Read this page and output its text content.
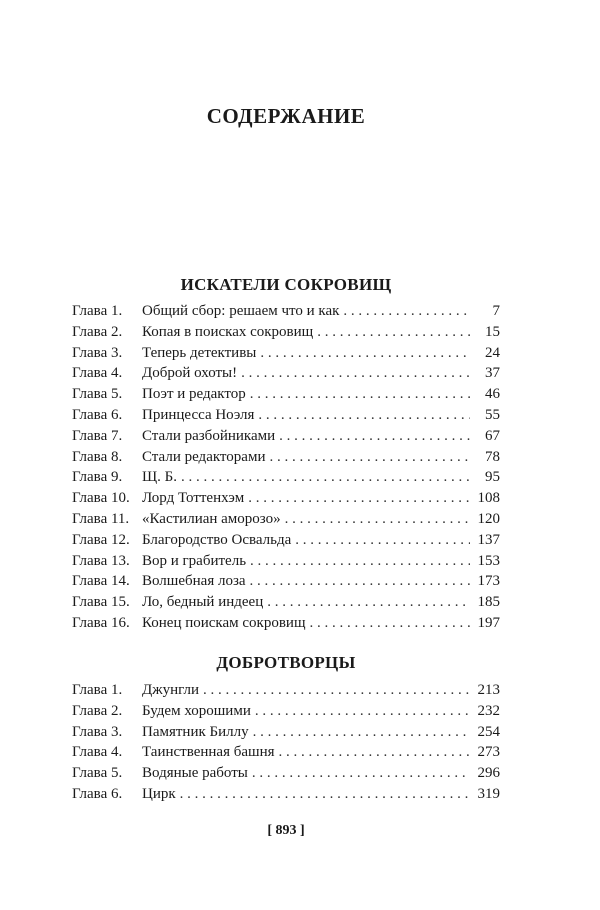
СОДЕРЖАНИЕ
ИСКАТЕЛИ СОКРОВИЩ
Глава 1.	Общий сбор: решаем что и как . . .	7
Глава 2.	Копая в поисках сокровищ . . .	15
Глава 3.	Теперь детективы . . .	24
Глава 4.	Доброй охоты! . . .	37
Глава 5.	Поэт и редактор . . .	46
Глава 6.	Принцесса Ноэля . . .	55
Глава 7.	Стали разбойниками . . .	67
Глава 8.	Стали редакторами . . .	78
Глава 9.	Щ. Б. . . .	95
Глава 10. Лорд Тоттенхэм . . .	108
Глава 11. «Кастилиан аморозо» . . .	120
Глава 12. Благородство Освальда . . .	137
Глава 13. Вор и грабитель . . .	153
Глава 14. Волшебная лоза . . .	173
Глава 15. Ло, бедный индеец . . .	185
Глава 16. Конец поискам сокровищ . . .	197
ДОБРОТВОРЦЫ
Глава 1.	Джунгли . . .	213
Глава 2.	Будем хорошими . . .	232
Глава 3.	Памятник Биллу . . .	254
Глава 4.	Таинственная башня . . .	273
Глава 5.	Водяные работы . . .	296
Глава 6.	Цирк . . .	319
[ 893 ]
